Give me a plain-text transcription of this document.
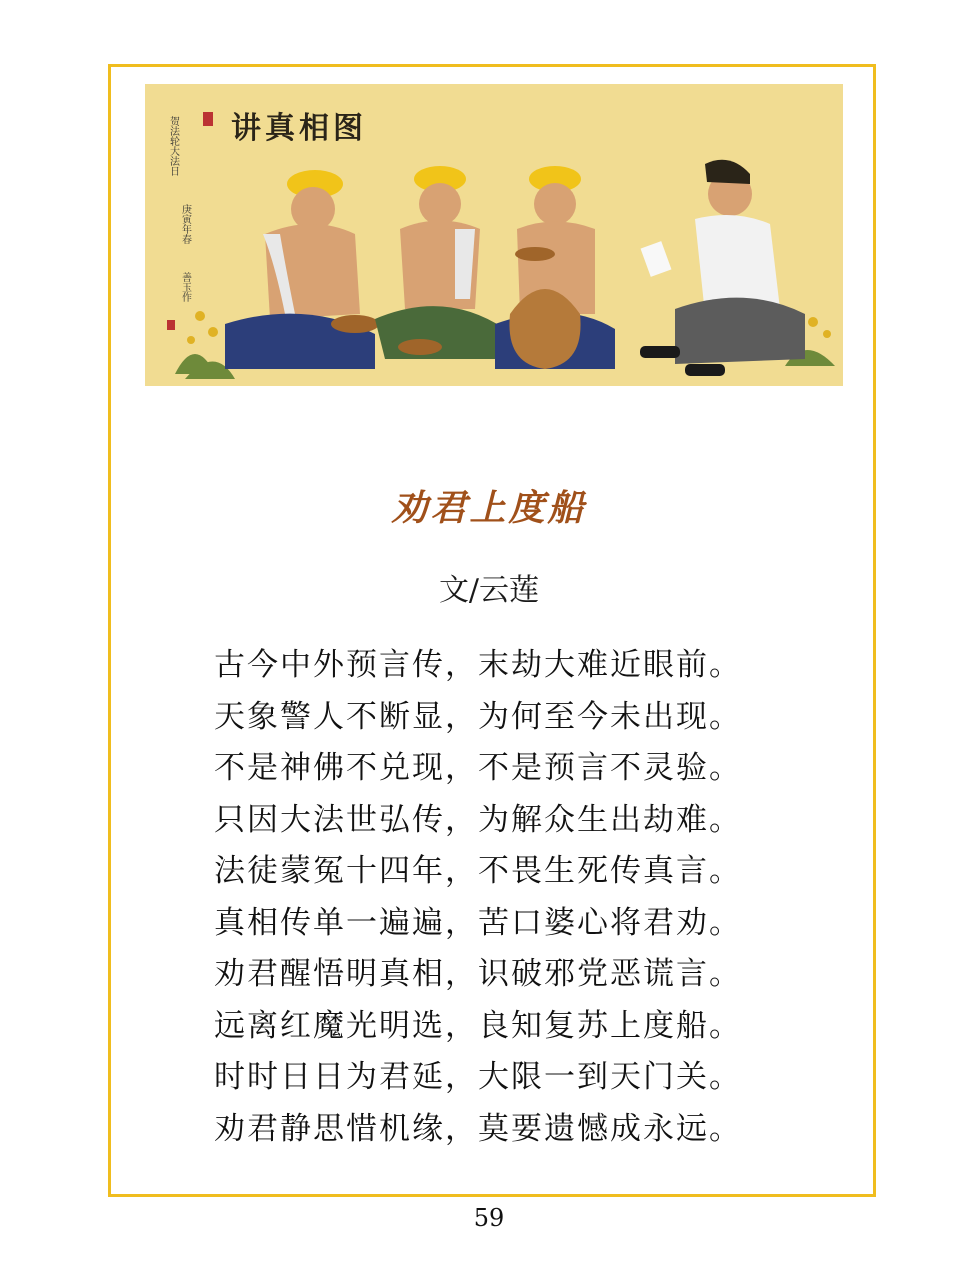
贺法轮大法日
庚寅年春
善玉作
讲真相图
劝君上度船
文/云莲
古今中外预言传，末劫大难近眼前。
天象警人不断显，为何至今未出现。
不是神佛不兑现，不是预言不灵验。
只因大法世弘传，为解众生出劫难。
法徒蒙冤十四年，不畏生死传真言。
真相传单一遍遍，苦口婆心将君劝。
劝君醒悟明真相，识破邪党恶谎言。
远离红魔光明选，良知复苏上度船。
时时日日为君延，大限一到天门关。
劝君静思惜机缘，莫要遗憾成永远。
59
